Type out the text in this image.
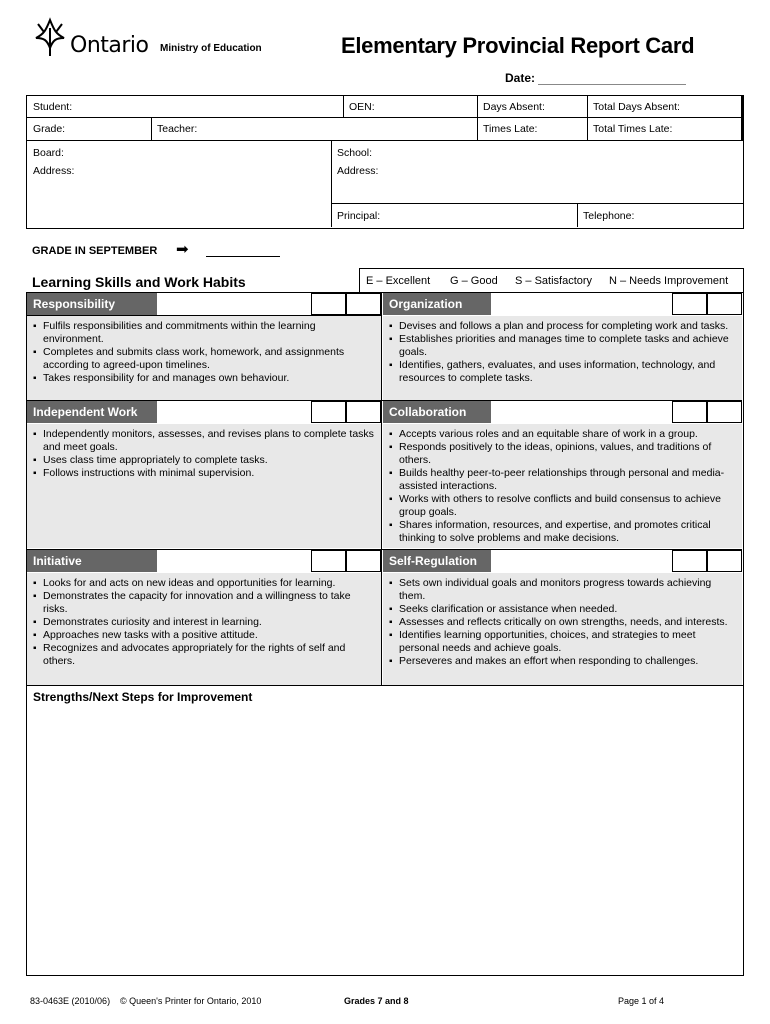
Ontario Ministry of Education	Elementary Provincial Report Card
Date:
Student:	OEN:	Days Absent:	Total Days Absent:
Grade:	Teacher:	Times Late:	Total Times Late:
Board:
Address:
School:
Address:
Principal:	Telephone:
GRADE IN SEPTEMBER ➡
Learning Skills and Work Habits	E – Excellent G – Good S – Satisfactory N – Needs Improvement
Responsibility
▪ Fulfils responsibilities and commitments within the learning environment.
▪ Completes and submits class work, homework, and assignments according to agreed-upon timelines.
▪ Takes responsibility for and manages own behaviour.
Organization
▪ Devises and follows a plan and process for completing work and tasks.
▪ Establishes priorities and manages time to complete tasks and achieve goals.
▪ Identifies, gathers, evaluates, and uses information, technology, and resources to complete tasks.
Independent Work
▪ Independently monitors, assesses, and revises plans to complete tasks and meet goals.
▪ Uses class time appropriately to complete tasks.
▪ Follows instructions with minimal supervision.
Collaboration
▪ Accepts various roles and an equitable share of work in a group.
▪ Responds positively to the ideas, opinions, values, and traditions of others.
▪ Builds healthy peer-to-peer relationships through personal and media-assisted interactions.
▪ Works with others to resolve conflicts and build consensus to achieve group goals.
▪ Shares information, resources, and expertise, and promotes critical thinking to solve problems and make decisions.
Initiative
▪ Looks for and acts on new ideas and opportunities for learning.
▪ Demonstrates the capacity for innovation and a willingness to take risks.
▪ Demonstrates curiosity and interest in learning.
▪ Approaches new tasks with a positive attitude.
▪ Recognizes and advocates appropriately for the rights of self and others.
Self-Regulation
▪ Sets own individual goals and monitors progress towards achieving them.
▪ Seeks clarification or assistance when needed.
▪ Assesses and reflects critically on own strengths, needs, and interests.
▪ Identifies learning opportunities, choices, and strategies to meet personal needs and achieve goals.
▪ Perseveres and makes an effort when responding to challenges.
Strengths/Next Steps for Improvement
83-0463E (2010/06) © Queen's Printer for Ontario, 2010	Grades 7 and 8	Page 1 of 4
